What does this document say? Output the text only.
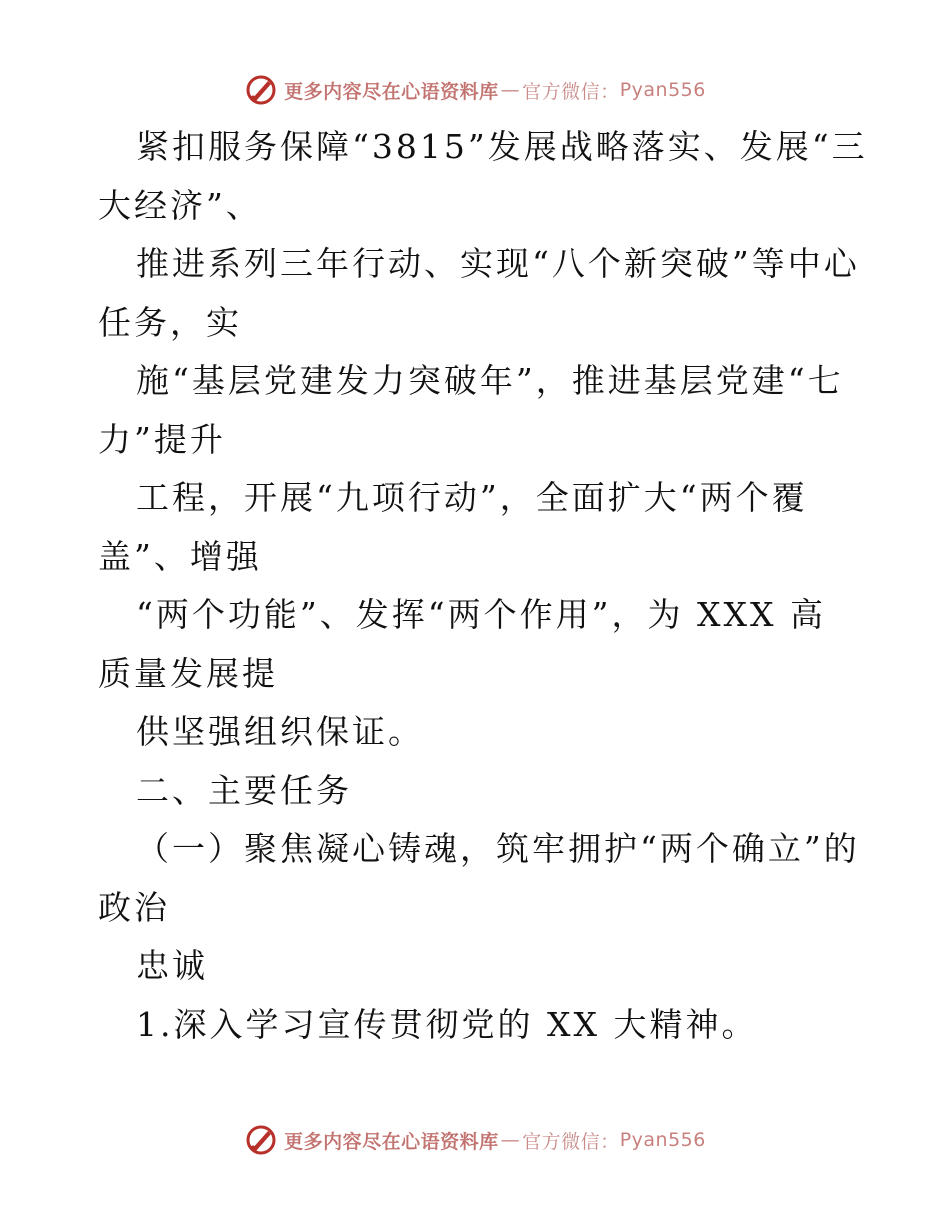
更多内容尽在心语资料库 — 官方微信： Pyan556
紧扣服务保障“3815”发展战略落实、发展“三
大经济”、
推进系列三年行动、实现“八个新突破”等中心
任务，实
施“基层党建发力突破年”，推进基层党建“七
力”提升
工程，开展“九项行动”，全面扩大“两个覆
盖”、增强
“两个功能”、发挥“两个作用”，为 XXX 高
质量发展提
供坚强组织保证。
二、主要任务
（一）聚焦凝心铸魂，筑牢拥护“两个确立”的
政治
忠诚
1.深入学习宣传贯彻党的 XX 大精神。
更多内容尽在心语资料库 — 官方微信： Pyan556
